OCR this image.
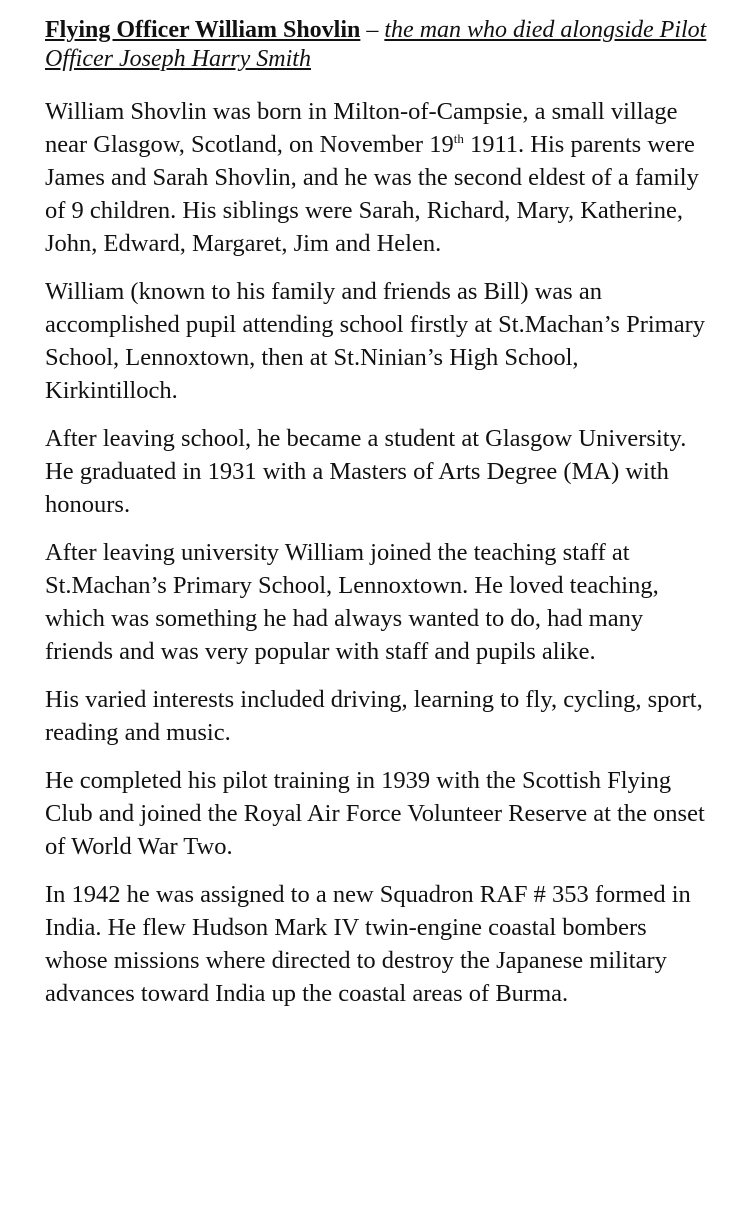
Flying Officer William Shovlin – the man who died alongside Pilot Officer Joseph Harry Smith

William Shovlin was born in Milton-of-Campsie, a small village near Glasgow, Scotland, on November 19th 1911. His parents were James and Sarah Shovlin, and he was the second eldest of a family of 9 children. His siblings were Sarah, Richard, Mary, Katherine, John, Edward, Margaret, Jim and Helen.

William (known to his family and friends as Bill) was an accomplished pupil attending school firstly at St.Machan’s Primary School, Lennoxtown, then at St.Ninian’s High School, Kirkintilloch.

After leaving school, he became a student at Glasgow University. He graduated in 1931 with a Masters of Arts Degree (MA) with honours.

After leaving university William joined the teaching staff at St.Machan’s Primary School, Lennoxtown. He loved teaching, which was something he had always wanted to do, had many friends and was very popular with staff and pupils alike.

His varied interests included driving, learning to fly, cycling, sport, reading and music.

He completed his pilot training in 1939 with the Scottish Flying Club and joined the Royal Air Force Volunteer Reserve at the onset of World War Two.

In 1942 he was assigned to a new Squadron RAF # 353 formed in India. He flew Hudson Mark IV twin-engine coastal bombers whose missions where directed to destroy the Japanese military advances toward India up the coastal areas of Burma.
